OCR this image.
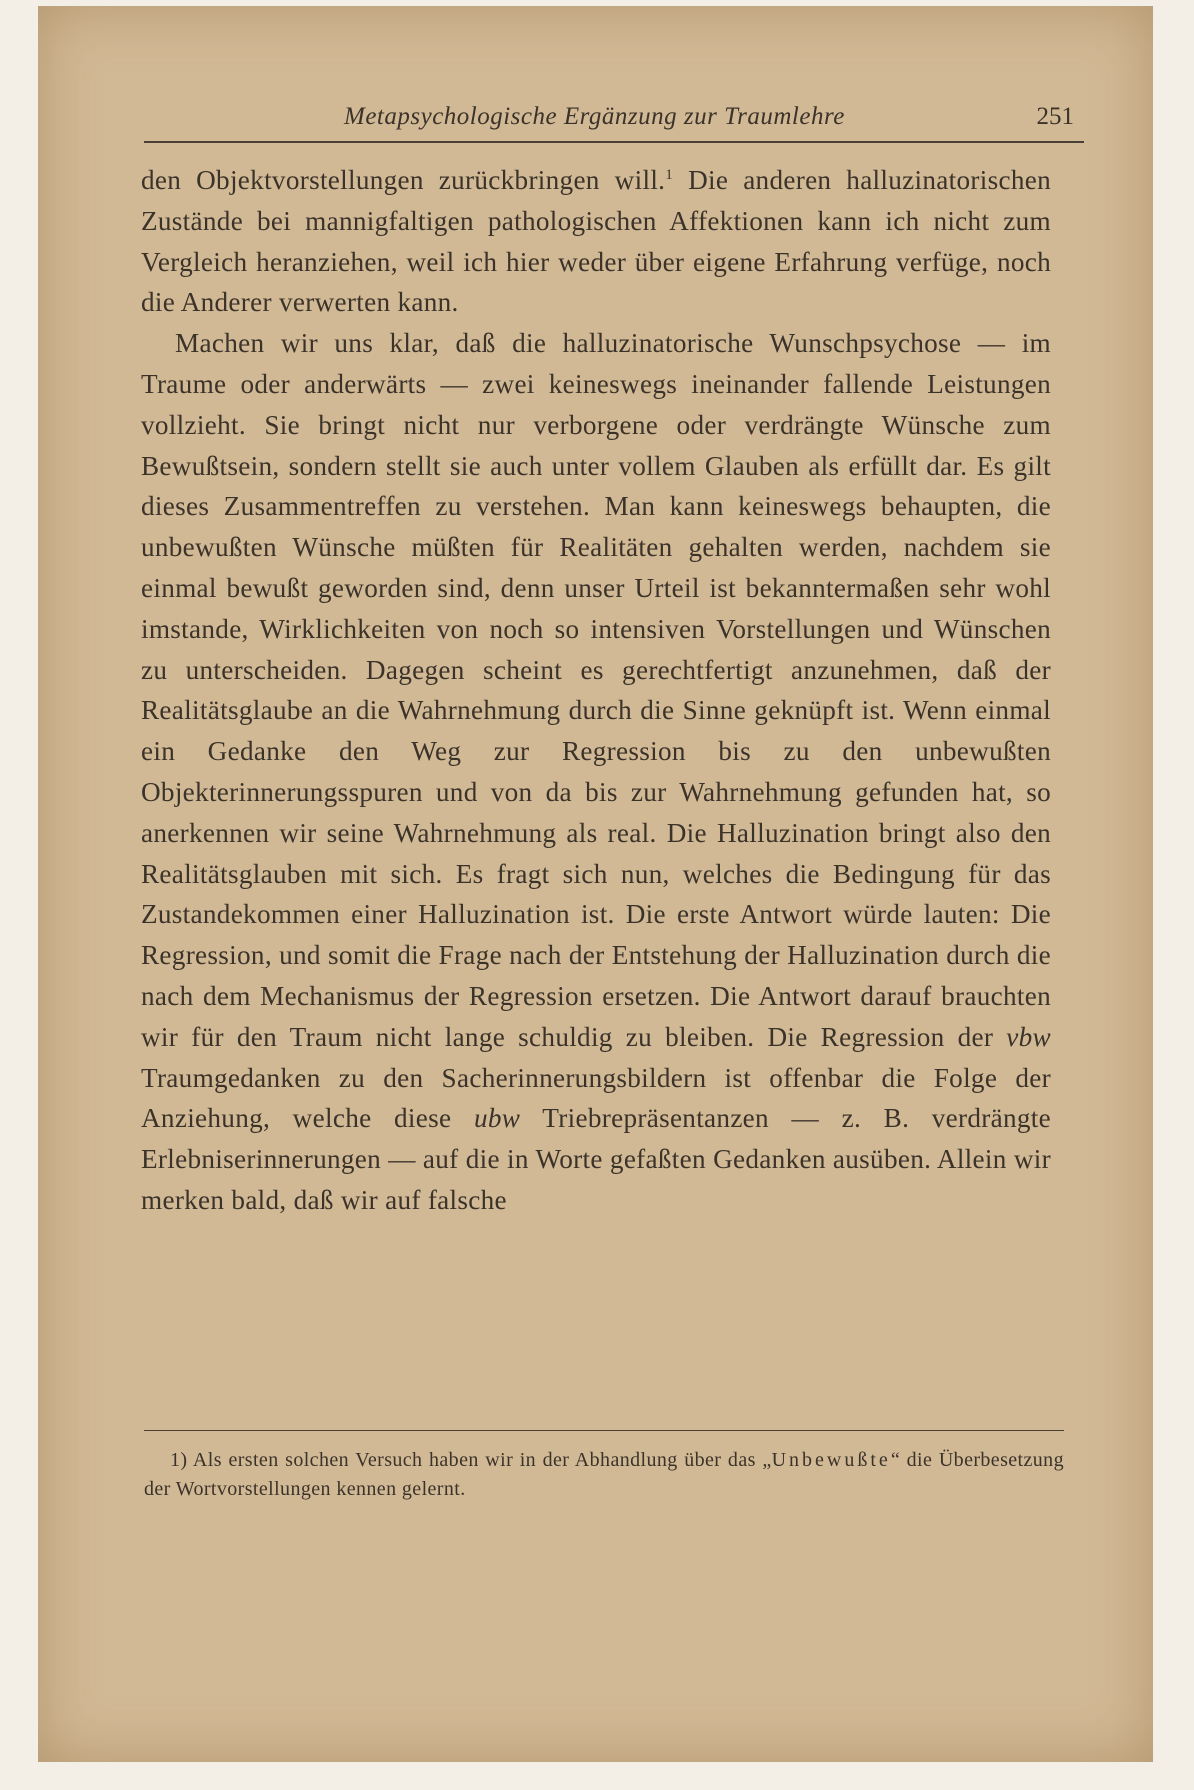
Metapsychologische Ergänzung zur Traumlehre	251

den Objektvorstellungen zurückbringen will.$^1$ Die anderen halluzinatorischen Zustände bei mannigfaltigen pathologischen Affektionen kann ich nicht zum Vergleich heranziehen, weil ich hier weder über eigene Erfahrung verfüge, noch die Anderer verwerten kann.

Machen wir uns klar, daß die halluzinatorische Wunschpsychose — im Traume oder anderwärts — zwei keineswegs ineinander fallende Leistungen vollzieht. Sie bringt nicht nur verborgene oder verdrängte Wünsche zum Bewußtsein, sondern stellt sie auch unter vollem Glauben als erfüllt dar. Es gilt dieses Zusammentreffen zu verstehen. Man kann keineswegs behaupten, die unbewußten Wünsche müßten für Realitäten gehalten werden, nachdem sie einmal bewußt geworden sind, denn unser Urteil ist bekanntermaßen sehr wohl imstande, Wirklichkeiten von noch so intensiven Vorstellungen und Wünschen zu unterscheiden. Dagegen scheint es gerechtfertigt anzunehmen, daß der Realitätsglaube an die Wahrnehmung durch die Sinne geknüpft ist. Wenn einmal ein Gedanke den Weg zur Regression bis zu den unbewußten Objekterinnerungsspuren und von da bis zur Wahrnehmung gefunden hat, so anerkennen wir seine Wahrnehmung als real. Die Halluzination bringt also den Realitätsglauben mit sich. Es fragt sich nun, welches die Bedingung für das Zustandekommen einer Halluzination ist. Die erste Antwort würde lauten: Die Regression, und somit die Frage nach der Entstehung der Halluzination durch die nach dem Mechanismus der Regression ersetzen. Die Antwort darauf brauchten wir für den Traum nicht lange schuldig zu bleiben. Die Regression der vbw Traumgedanken zu den Sacherinnerungsbildern ist offenbar die Folge der Anziehung, welche diese ubw Triebrepräsentanzen — z. B. verdrängte Erlebniserinnerungen — auf die in Worte gefaßten Gedanken ausüben. Allein wir merken bald, daß wir auf falsche

1) Als ersten solchen Versuch haben wir in der Abhandlung über das „Unbewußte“ die Überbesetzung der Wortvorstellungen kennen gelernt.
